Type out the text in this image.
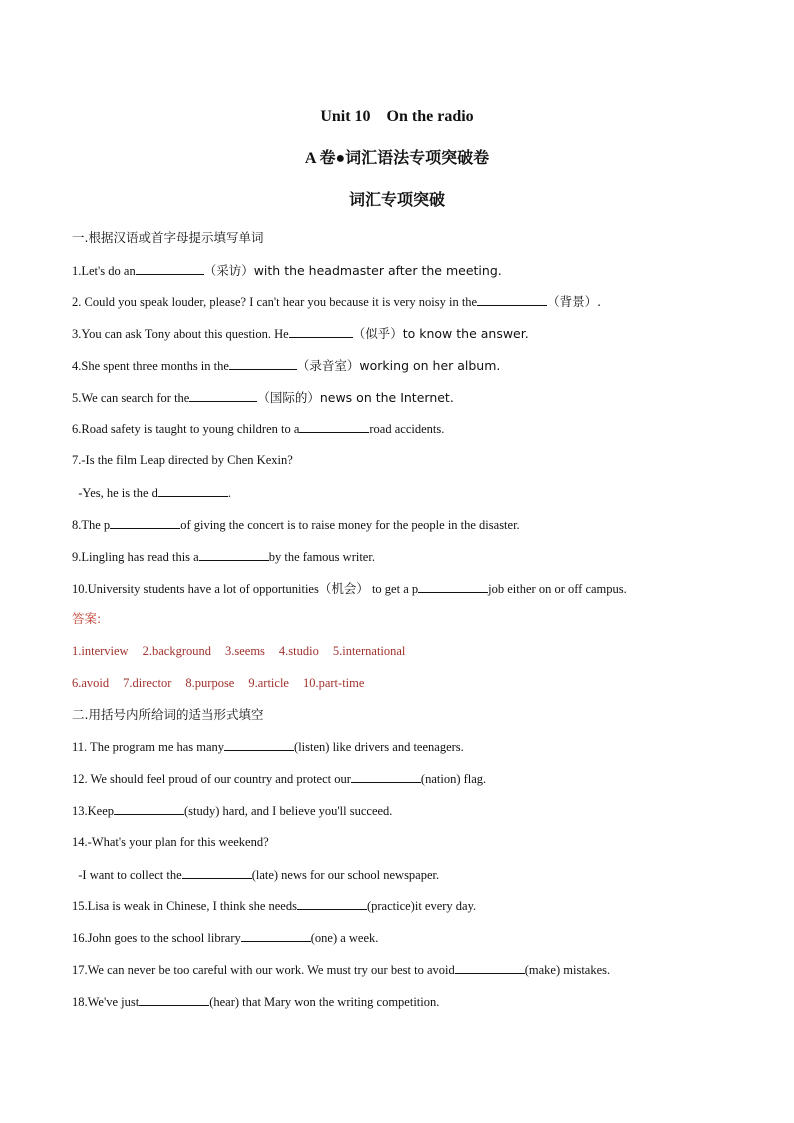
Unit 10　On the radio
A 卷●词汇语法专项突破卷
词汇专项突破
一.根据汉语或首字母提示填写单词
1.Let's do an	（采访）with the headmaster after the meeting.
2. Could you speak louder, please? I can't hear you because it is very noisy in the	（背景）.
3.You can ask Tony about this question. He	（似乎）to know the answer.
4.She spent three months in the	（录音室）working on her album.
5.We can search for the	（国际的）news on the Internet.
6.Road safety is taught to young children to a	road accidents.
7.-Is the film Leap directed by Chen Kexin?
-Yes, he is the d	.
8.The p	of giving the concert is to raise money for the people in the disaster.
9.Lingling has read this a	by the famous writer.
10.University students have a lot of opportunities（机会） to get a p	job either on or off campus.
答案:
1.interview 2.background 3.seems 4.studio 5.international
6.avoid 7.director 8.purpose 9.article 10.part-time
二.用括号内所给词的适当形式填空
11. The program me has many	(listen) like drivers and teenagers.
12. We should feel proud of our country and protect our	(nation) flag.
13.Keep	(study) hard, and I believe you'll succeed.
14.-What's your plan for this weekend?
-I want to collect the	(late) news for our school newspaper.
15.Lisa is weak in Chinese, I think she needs	(practice)it every day.
16.John goes to the school library	(one) a week.
17.We can never be too careful with our work. We must try our best to avoid	(make) mistakes.
18.We've just	(hear) that Mary won the writing competition.
